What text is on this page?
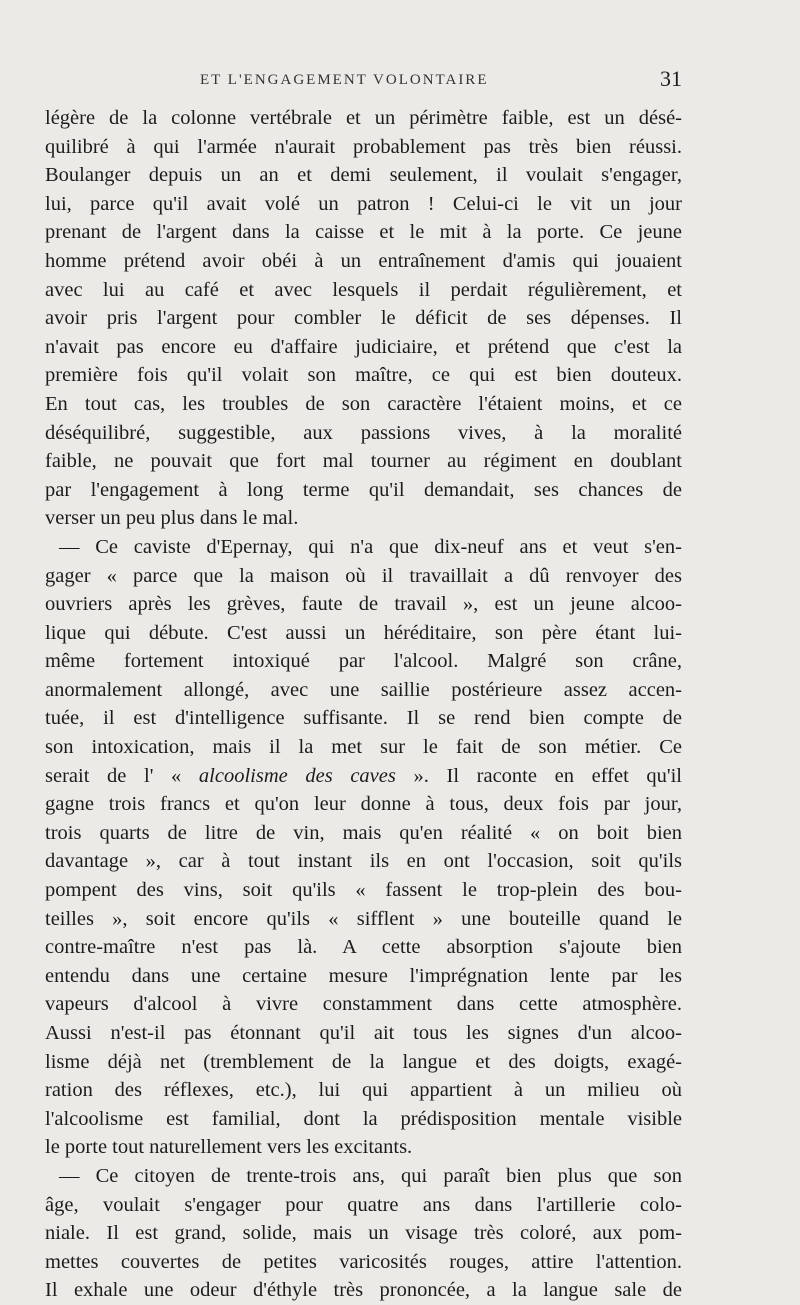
ET L'ENGAGEMENT VOLONTAIRE	31
légère de la colonne vertébrale et un périmètre faible, est un désé-
quilibré à qui l'armée n'aurait probablement pas très bien réussi.
Boulanger depuis un an et demi seulement, il voulait s'engager,
lui, parce qu'il avait volé un patron ! Celui-ci le vit un jour
prenant de l'argent dans la caisse et le mit à la porte. Ce jeune
homme prétend avoir obéi à un entraînement d'amis qui jouaient
avec lui au café et avec lesquels il perdait régulièrement, et
avoir pris l'argent pour combler le déficit de ses dépenses. Il
n'avait pas encore eu d'affaire judiciaire, et prétend que c'est la
première fois qu'il volait son maître, ce qui est bien douteux.
En tout cas, les troubles de son caractère l'étaient moins, et ce
déséquilibré, suggestible, aux passions vives, à la moralité
faible, ne pouvait que fort mal tourner au régiment en doublant
par l'engagement à long terme qu'il demandait, ses chances de
verser un peu plus dans le mal.
— Ce caviste d'Epernay, qui n'a que dix-neuf ans et veut s'en-
gager « parce que la maison où il travaillait a dû renvoyer des
ouvriers après les grèves, faute de travail », est un jeune alcoo-
lique qui débute. C'est aussi un héréditaire, son père étant lui-
même fortement intoxiqué par l'alcool. Malgré son crâne,
anormalement allongé, avec une saillie postérieure assez accen-
tuée, il est d'intelligence suffisante. Il se rend bien compte de
son intoxication, mais il la met sur le fait de son métier. Ce
serait de l' « alcoolisme des caves ». Il raconte en effet qu'il
gagne trois francs et qu'on leur donne à tous, deux fois par jour,
trois quarts de litre de vin, mais qu'en réalité « on boit bien
davantage », car à tout instant ils en ont l'occasion, soit qu'ils
pompent des vins, soit qu'ils « fassent le trop-plein des bou-
teilles », soit encore qu'ils « sifflent » une bouteille quand le
contre-maître n'est pas là. A cette absorption s'ajoute bien
entendu dans une certaine mesure l'imprégnation lente par les
vapeurs d'alcool à vivre constamment dans cette atmosphère.
Aussi n'est-il pas étonnant qu'il ait tous les signes d'un alcoo-
lisme déjà net (tremblement de la langue et des doigts, exagé-
ration des réflexes, etc.), lui qui appartient à un milieu où
l'alcoolisme est familial, dont la prédisposition mentale visible
le porte tout naturellement vers les excitants.
— Ce citoyen de trente-trois ans, qui paraît bien plus que son
âge, voulait s'engager pour quatre ans dans l'artillerie colo-
niale. Il est grand, solide, mais un visage très coloré, aux pom-
mettes couvertes de petites varicosités rouges, attire l'attention.
Il exhale une odeur d'éthyle très prononcée, a la langue sale de
